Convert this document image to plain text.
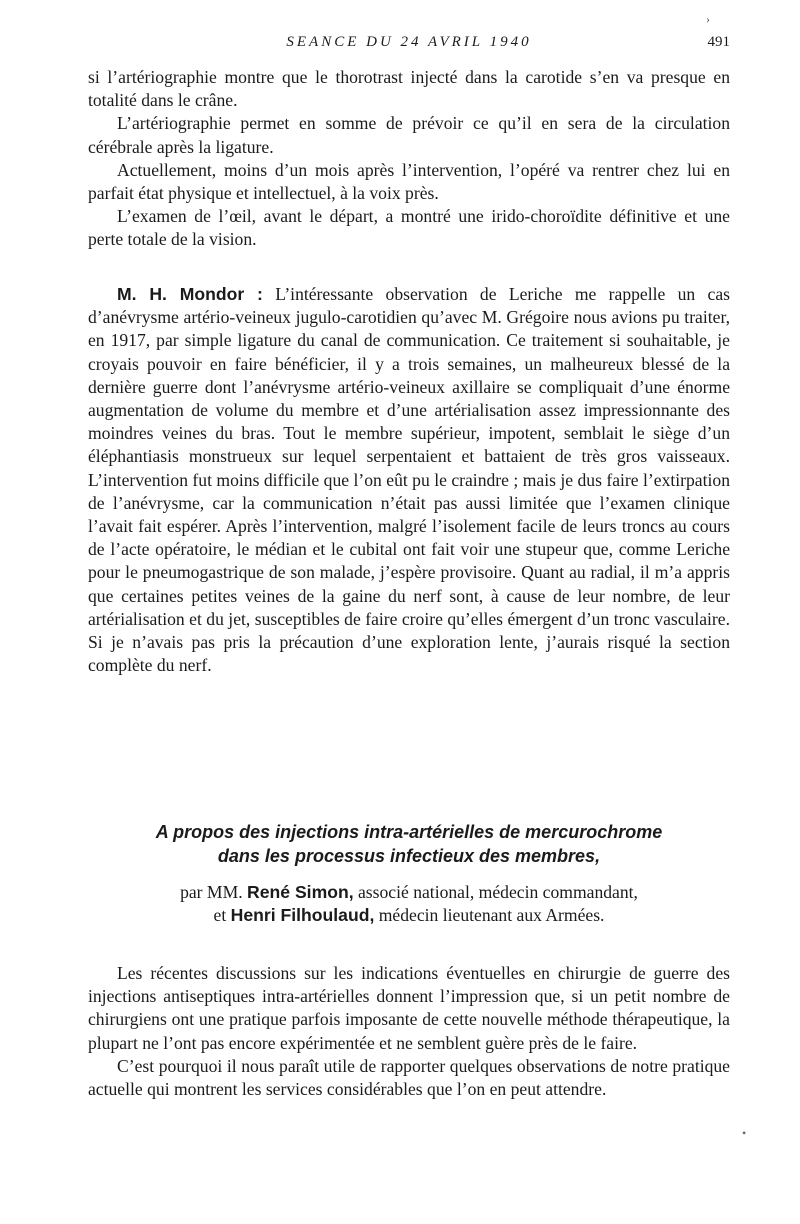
›
SEANCE DU 24 AVRIL 1940	491

si l’artériographie montre que le thorotrast injecté dans la carotide s’en va presque en totalité dans le crâne.

L’artériographie permet en somme de prévoir ce qu’il en sera de la circulation cérébrale après la ligature.

Actuellement, moins d’un mois après l’intervention, l’opéré va rentrer chez lui en parfait état physique et intellectuel, à la voix près.

L’examen de l’œil, avant le départ, a montré une irido-choroïdite définitive et une perte totale de la vision.

M. H. Mondor : L’intéressante observation de Leriche me rappelle un cas d’anévrysme artério-veineux jugulo-carotidien qu’avec M. Grégoire nous avions pu traiter, en 1917, par simple ligature du canal de communication. Ce traitement si souhaitable, je croyais pouvoir en faire bénéficier, il y a trois semaines, un malheureux blessé de la dernière guerre dont l’anévrysme artério-veineux axillaire se compliquait d’une énorme augmentation de volume du membre et d’une artérialisation assez impressionnante des moindres veines du bras. Tout le membre supérieur, impotent, semblait le siège d’un éléphantiasis monstrueux sur lequel serpentaient et battaient de très gros vaisseaux. L’intervention fut moins difficile que l’on eût pu le craindre ; mais je dus faire l’extirpation de l’anévrysme, car la communication n’était pas aussi limitée que l’examen clinique l’avait fait espérer. Après l’intervention, malgré l’isolement facile de leurs troncs au cours de l’acte opératoire, le médian et le cubital ont fait voir une stupeur que, comme Leriche pour le pneumogastrique de son malade, j’espère provisoire. Quant au radial, il m’a appris que certaines petites veines de la gaine du nerf sont, à cause de leur nombre, de leur artérialisation et du jet, susceptibles de faire croire qu’elles émergent d’un tronc vasculaire. Si je n’avais pas pris la précaution d’une exploration lente, j’aurais risqué la section complète du nerf.

A propos des injections intra-artérielles de mercurochrome
dans les processus infectieux des membres,
par MM. René Simon, associé national, médecin commandant,
et Henri Filhoulaud, médecin lieutenant aux Armées.

Les récentes discussions sur les indications éventuelles en chirurgie de guerre des injections antiseptiques intra-artérielles donnent l’impression que, si un petit nombre de chirurgiens ont une pratique parfois imposante de cette nouvelle méthode thérapeutique, la plupart ne l’ont pas encore expérimentée et ne semblent guère près de le faire.

C’est pourquoi il nous paraît utile de rapporter quelques observations de notre pratique actuelle qui montrent les services considérables que l’on en peut attendre.

•
